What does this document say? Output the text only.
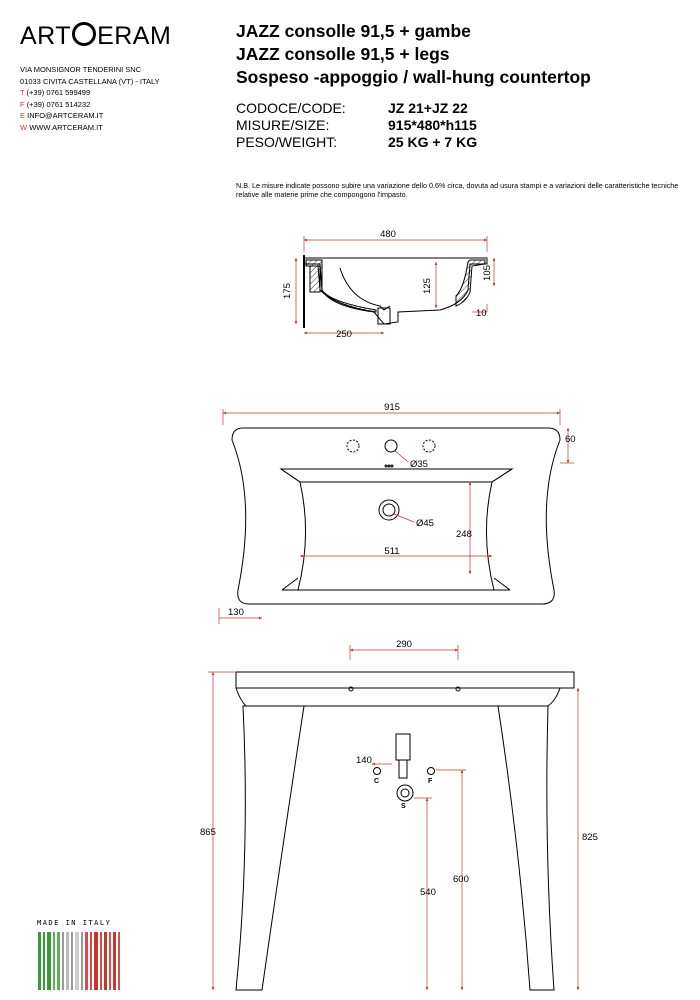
ART ERAM
VIA MONSIGNOR TENDERINI SNC
01033 CIVITA CASTELLANA (VT) - ITALY
T (+39) 0761 599499
F (+39) 0761 514232
E INFO@ARTCERAM.IT
W WWW.ARTCERAM.IT
JAZZ consolle 91,5 + gambe
JAZZ consolle 91,5 + legs
Sospeso -appoggio / wall-hung countertop
CODOCE/CODE:	JZ 21+JZ 22
MISURE/SIZE:	915*480*h115
PESO/WEIGHT:	25 KG + 7 KG
N.B. Le misure indicate possono subire una variazione dello 0.6% circa, dovuta ad usura stampi e a variazioni delle caratteristiche tecniche relative alle materie prime che compongono l'impasto.
480
175	125
105
10
250
915
60
Ø35
Ø45
248
511
130
290
865	825
140
540
600
C	F
S
MADE IN ITALY
